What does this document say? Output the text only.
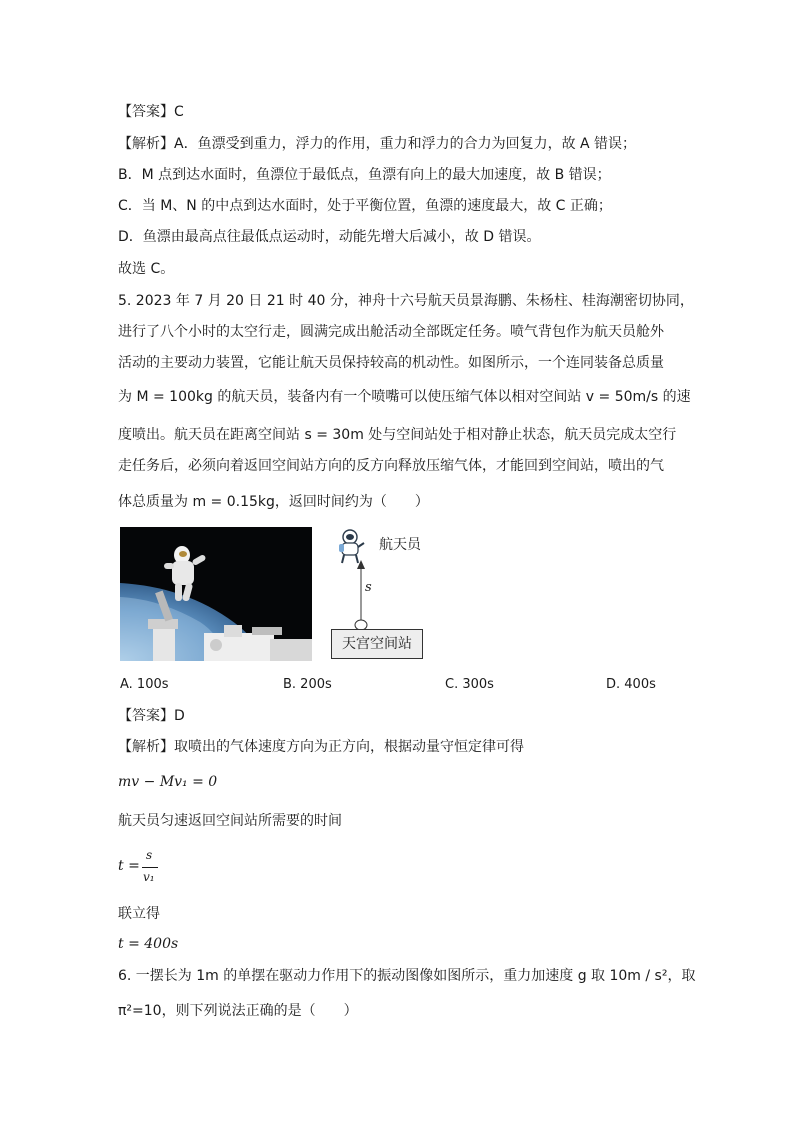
【答案】C
【解析】A．鱼漂受到重力，浮力的作用，重力和浮力的合力为回复力，故 A 错误；
B．M 点到达水面时，鱼漂位于最低点，鱼漂有向上的最大加速度，故 B 错误；
C．当 M、N 的中点到达水面时，处于平衡位置，鱼漂的速度最大，故 C 正确；
D．鱼漂由最高点往最低点运动时，动能先增大后减小，故 D 错误。
故选 C。
5. 2023 年 7 月 20 日 21 时 40 分，神舟十六号航天员景海鹏、朱杨柱、桂海潮密切协同，
进行了八个小时的太空行走，圆满完成出舱活动全部既定任务。喷气背包作为航天员舱外
活动的主要动力装置，它能让航天员保持较高的机动性。如图所示，一个连同装备总质量
为 M = 100kg 的航天员，装备内有一个喷嘴可以使压缩气体以相对空间站 v = 50m/s 的速
度喷出。航天员在距离空间站 s = 30m 处与空间站处于相对静止状态，航天员完成太空行
走任务后，必须向着返回空间站方向的反方向释放压缩气体，才能回到空间站，喷出的气
体总质量为 m = 0.15kg，返回时间约为（　　）
航天员
s
天宫空间站
A. 100s	B. 200s	C. 300s	D. 400s
【答案】D
【解析】取喷出的气体速度方向为正方向，根据动量守恒定律可得
mv − Mv₁ = 0
航天员匀速返回空间站所需要的时间
t =
s
v₁
联立得
t = 400s
6. 一摆长为 1m 的单摆在驱动力作用下的振动图像如图所示，重力加速度 g 取 10m / s²，取
π²=10，则下列说法正确的是（　　）
